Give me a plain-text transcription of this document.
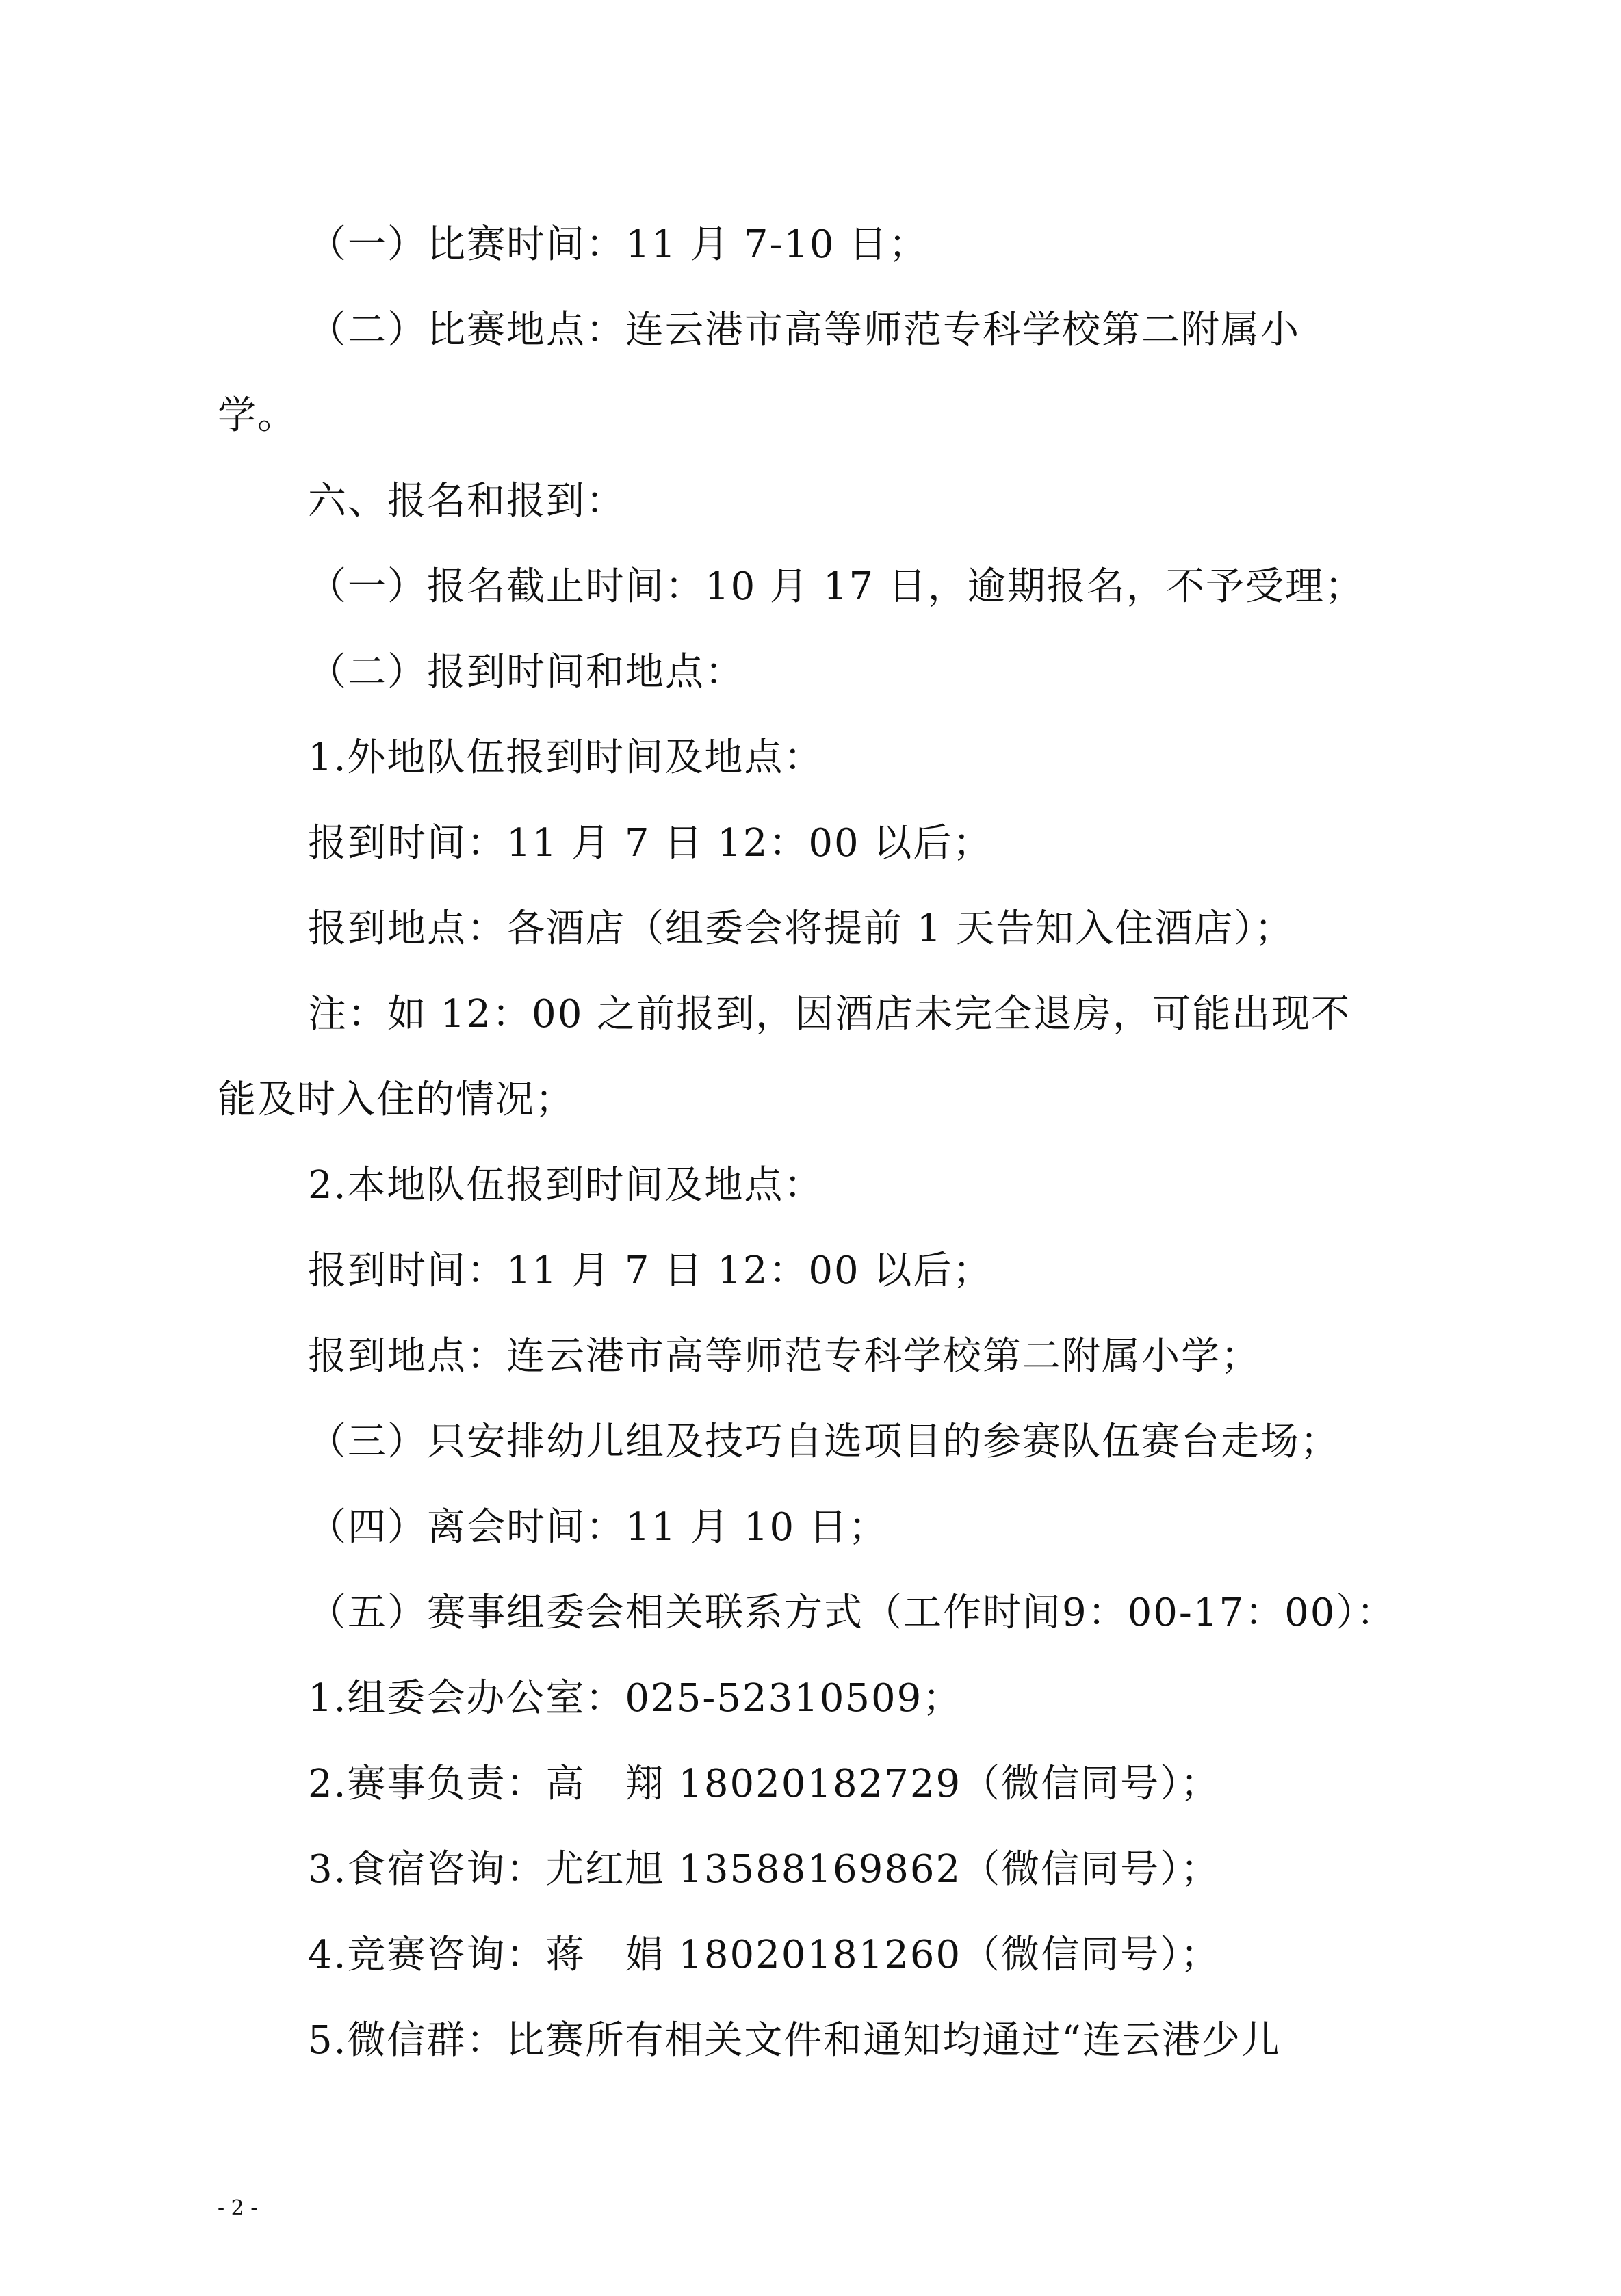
（一）比赛时间：11 月 7-10 日；
（二）比赛地点：连云港市高等师范专科学校第二附属小
学。
六、报名和报到：
（一）报名截止时间：10 月 17 日，逾期报名，不予受理；
（二）报到时间和地点：
1.外地队伍报到时间及地点：
报到时间：11 月 7 日 12：00 以后；
报到地点：各酒店（组委会将提前 1 天告知入住酒店）；
注：如 12：00 之前报到，因酒店未完全退房，可能出现不
能及时入住的情况；
2.本地队伍报到时间及地点：
报到时间：11 月 7 日 12：00 以后；
报到地点：连云港市高等师范专科学校第二附属小学；
（三）只安排幼儿组及技巧自选项目的参赛队伍赛台走场；
（四）离会时间：11 月 10 日；
（五）赛事组委会相关联系方式（工作时间9：00-17：00）：
1.组委会办公室：025-52310509；
2.赛事负责：高　翔 18020182729（微信同号）；
3.食宿咨询：尤红旭 13588169862（微信同号）；
4.竞赛咨询：蒋　娟 18020181260（微信同号）；
5.微信群：比赛所有相关文件和通知均通过“连云港少儿
- 2 -
